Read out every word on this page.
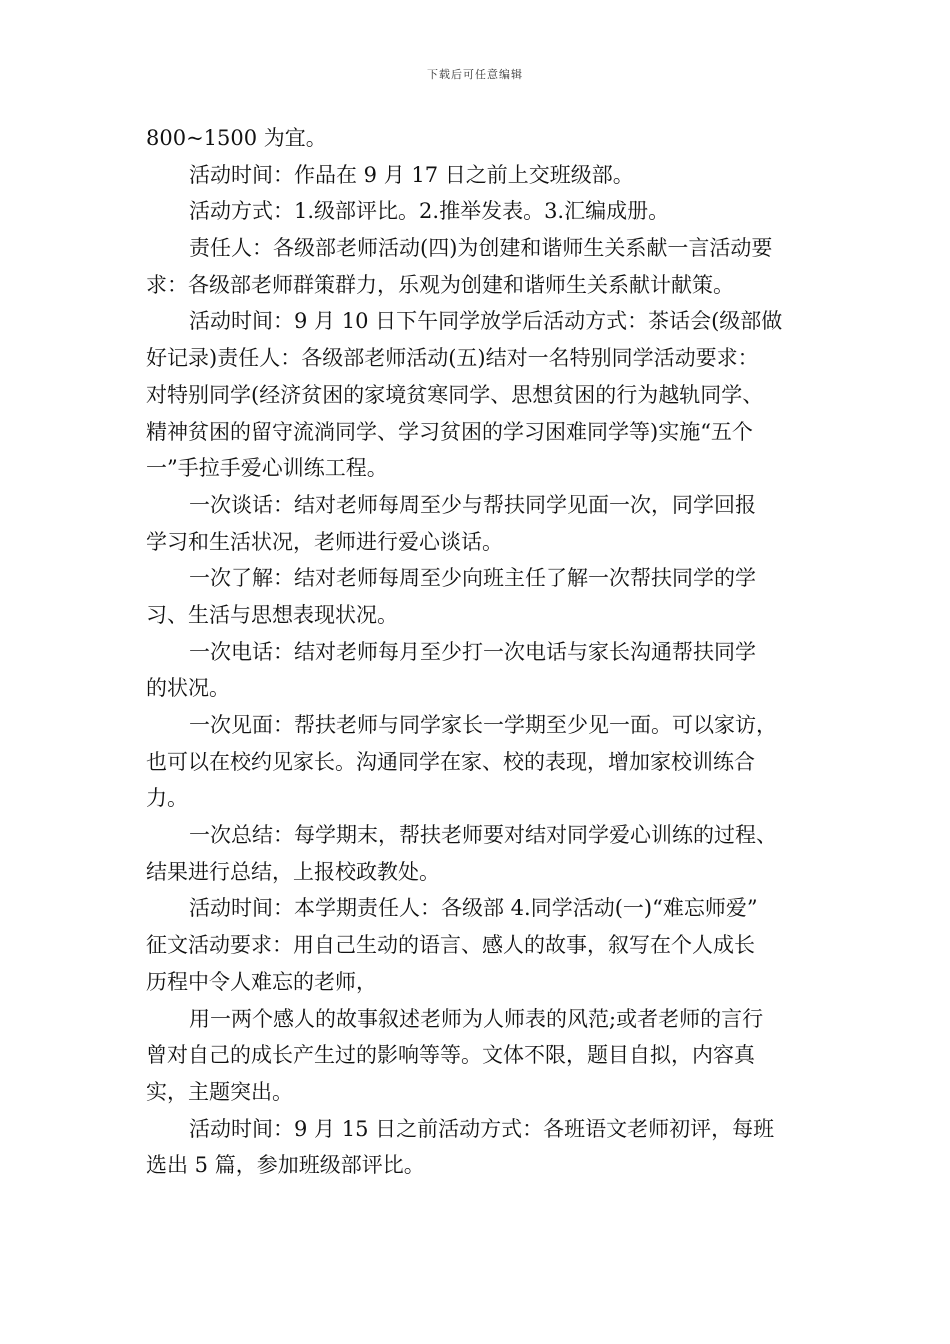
下载后可任意编辑
800~1500 为宜。
活动时间：作品在 9 月 17 日之前上交班级部。
活动方式：1.级部评比。2.推举发表。3.汇编成册。
责任人：各级部老师活动(四)为创建和谐师生关系献一言活动要
求：各级部老师群策群力，乐观为创建和谐师生关系献计献策。
活动时间：9 月 10 日下午同学放学后活动方式：茶话会(级部做
好记录)责任人：各级部老师活动(五)结对一名特别同学活动要求：
对特别同学(经济贫困的家境贫寒同学、思想贫困的行为越轨同学、
精神贫困的留守流淌同学、学习贫困的学习困难同学等)实施“五个
一”手拉手爱心训练工程。
一次谈话：结对老师每周至少与帮扶同学见面一次，同学回报
学习和生活状况，老师进行爱心谈话。
一次了解：结对老师每周至少向班主任了解一次帮扶同学的学
习、生活与思想表现状况。
一次电话：结对老师每月至少打一次电话与家长沟通帮扶同学
的状况。
一次见面：帮扶老师与同学家长一学期至少见一面。可以家访，
也可以在校约见家长。沟通同学在家、校的表现，增加家校训练合
力。
一次总结：每学期末，帮扶老师要对结对同学爱心训练的过程、
结果进行总结，上报校政教处。
活动时间：本学期责任人：各级部 4.同学活动(一)“难忘师爱”
征文活动要求：用自己生动的语言、感人的故事，叙写在个人成长
历程中令人难忘的老师，
用一两个感人的故事叙述老师为人师表的风范;或者老师的言行
曾对自己的成长产生过的影响等等。文体不限，题目自拟，内容真
实，主题突出。
活动时间：9 月 15 日之前活动方式：各班语文老师初评，每班
选出 5 篇，参加班级部评比。
